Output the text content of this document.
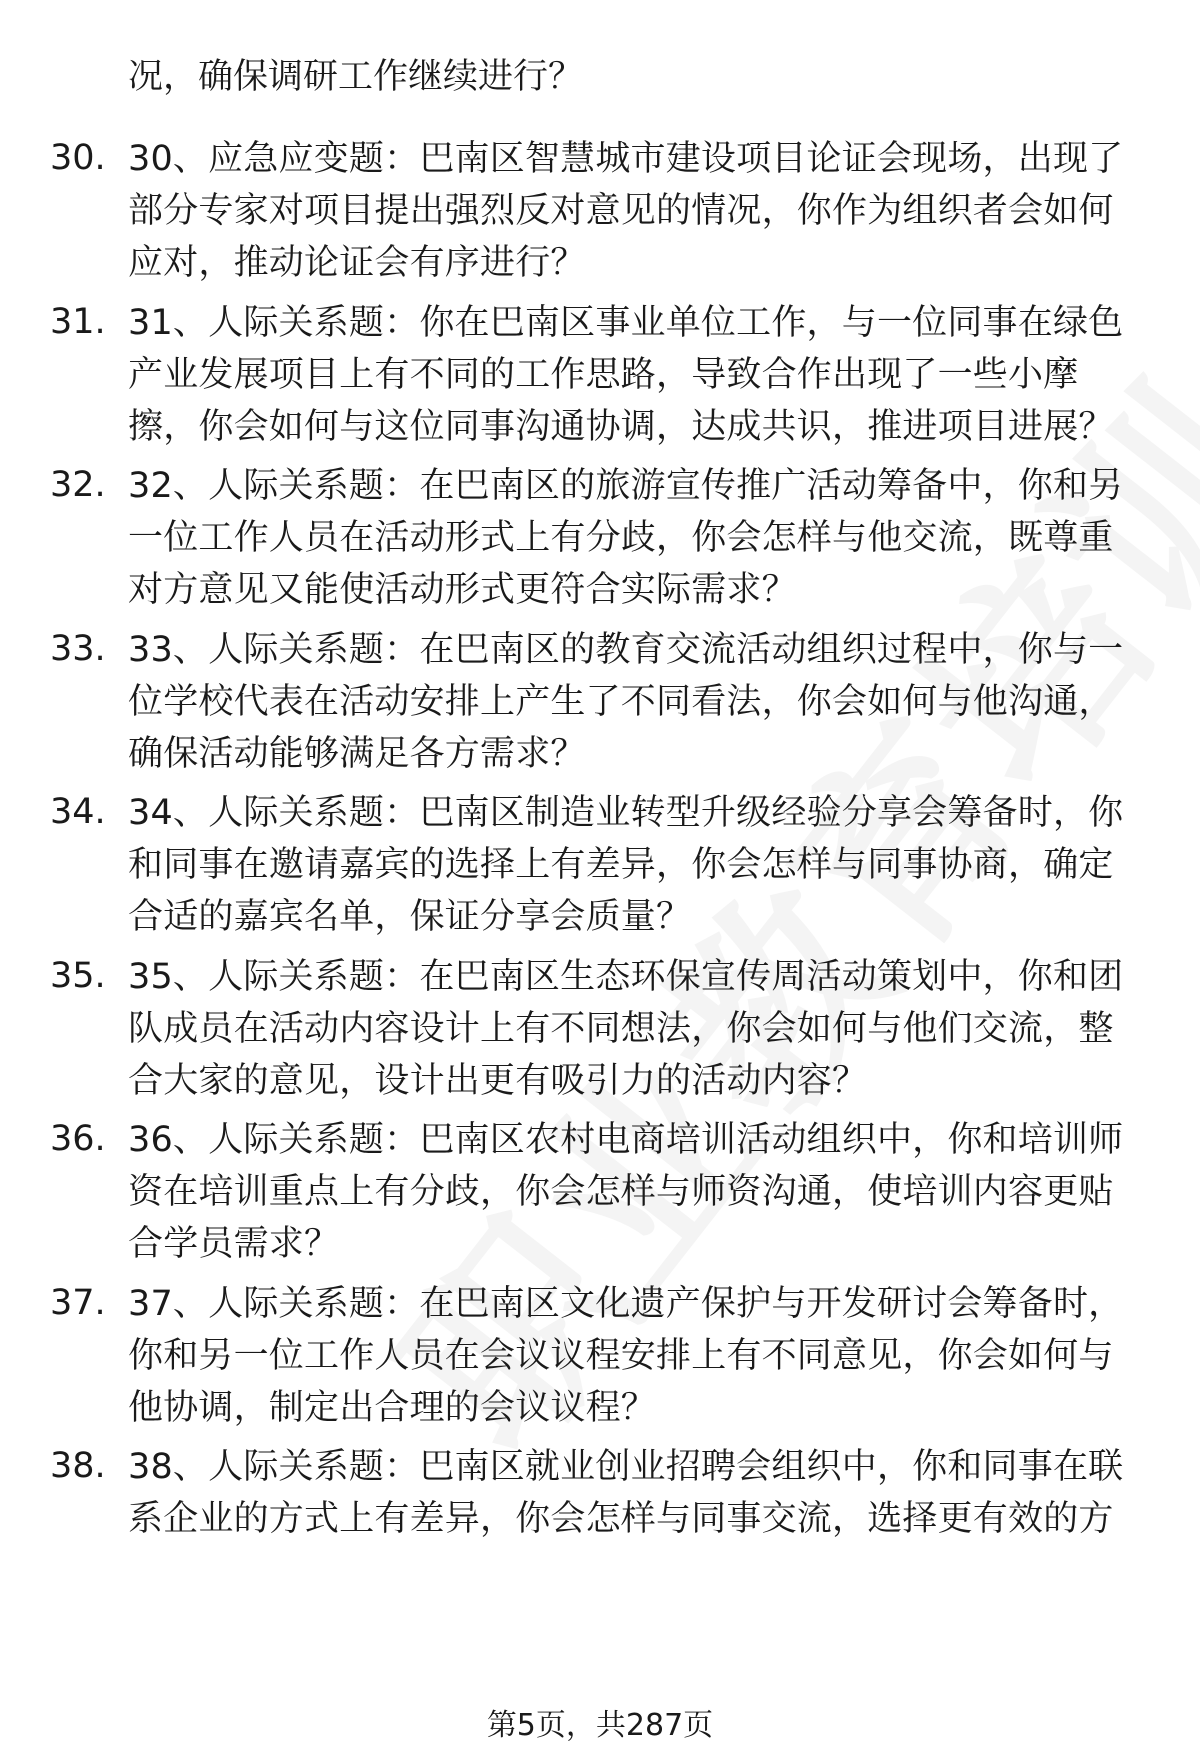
况，确保调研工作继续进行？
30. 30、应急应变题：巴南区智慧城市建设项目论证会现场，出现了部分专家对项目提出强烈反对意见的情况，你作为组织者会如何应对，推动论证会有序进行？
31. 31、人际关系题：你在巴南区事业单位工作，与一位同事在绿色产业发展项目上有不同的工作思路，导致合作出现了一些小摩擦，你会如何与这位同事沟通协调，达成共识，推进项目进展？
32. 32、人际关系题：在巴南区的旅游宣传推广活动筹备中，你和另一位工作人员在活动形式上有分歧，你会怎样与他交流，既尊重对方意见又能使活动形式更符合实际需求？
33. 33、人际关系题：在巴南区的教育交流活动组织过程中，你与一位学校代表在活动安排上产生了不同看法，你会如何与他沟通，确保活动能够满足各方需求？
34. 34、人际关系题：巴南区制造业转型升级经验分享会筹备时，你和同事在邀请嘉宾的选择上有差异，你会怎样与同事协商，确定合适的嘉宾名单，保证分享会质量？
35. 35、人际关系题：在巴南区生态环保宣传周活动策划中，你和团队成员在活动内容设计上有不同想法，你会如何与他们交流，整合大家的意见，设计出更有吸引力的活动内容？
36. 36、人际关系题：巴南区农村电商培训活动组织中，你和培训师资在培训重点上有分歧，你会怎样与师资沟通，使培训内容更贴合学员需求？
37. 37、人际关系题：在巴南区文化遗产保护与开发研讨会筹备时，你和另一位工作人员在会议议程安排上有不同意见，你会如何与他协调，制定出合理的会议议程？
38. 38、人际关系题：巴南区就业创业招聘会组织中，你和同事在联系企业的方式上有差异，你会怎样与同事交流，选择更有效的方
第5页，共287页
